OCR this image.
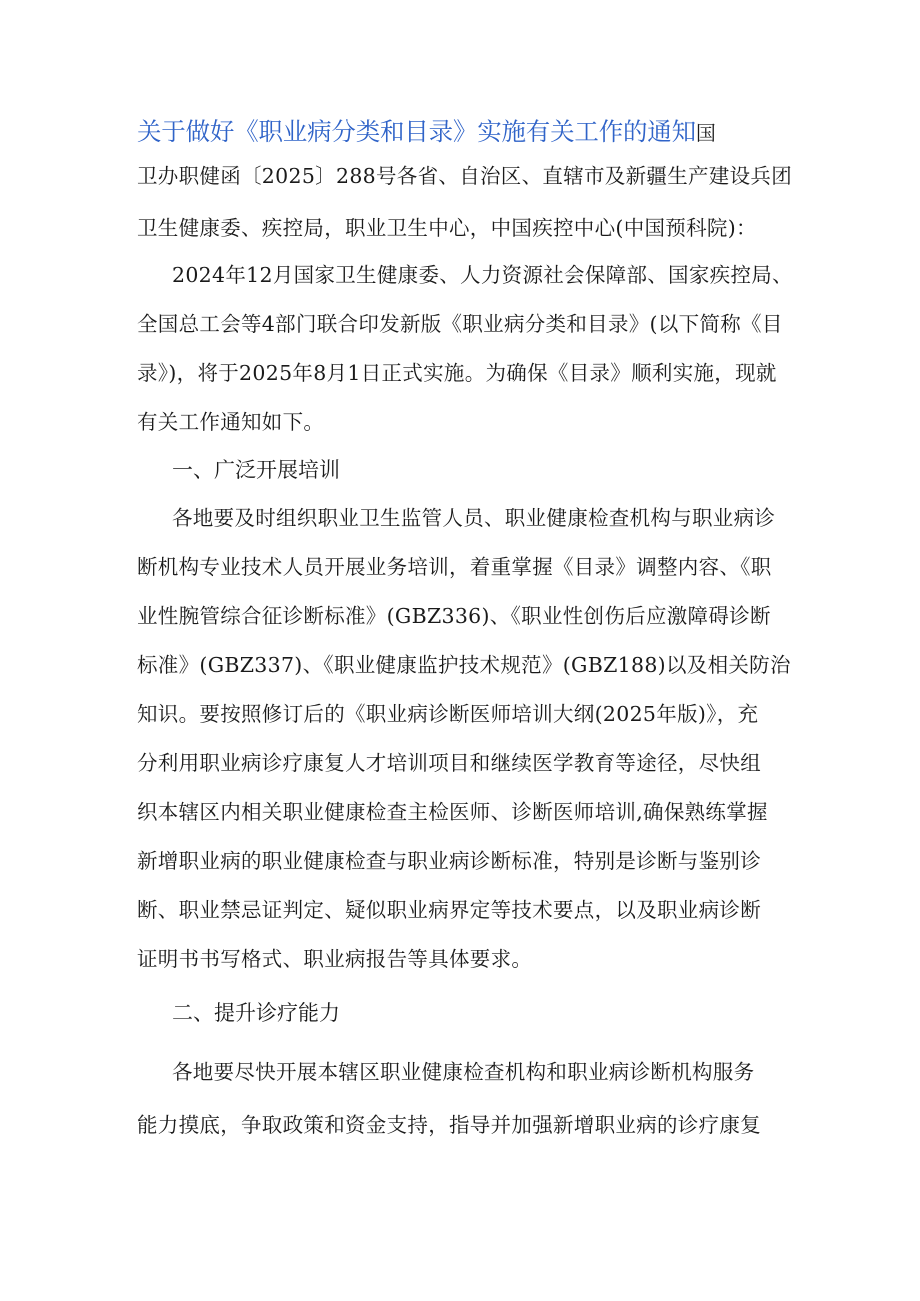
关于做好《职业病分类和目录》实施有关工作的通知国
卫办职健函〔2025〕288号各省、自治区、直辖市及新疆生产建设兵团
卫生健康委、疾控局，职业卫生中心，中国疾控中心(中国预科院)：
2024年12月国家卫生健康委、人力资源社会保障部、国家疾控局、
全国总工会等4部门联合印发新版《职业病分类和目录》(以下简称《目
录》)，将于2025年8月1日正式实施。为确保《目录》顺利实施，现就
有关工作通知如下。
一、广泛开展培训
各地要及时组织职业卫生监管人员、职业健康检查机构与职业病诊
断机构专业技术人员开展业务培训，着重掌握《目录》调整内容、《职
业性腕管综合征诊断标准》(GBZ336)、《职业性创伤后应激障碍诊断
标准》(GBZ337)、《职业健康监护技术规范》(GBZ188)以及相关防治
知识。要按照修订后的《职业病诊断医师培训大纲(2025年版)》，充
分利用职业病诊疗康复人才培训项目和继续医学教育等途径，尽快组
织本辖区内相关职业健康检查主检医师、诊断医师培训,确保熟练掌握
新增职业病的职业健康检查与职业病诊断标准，特别是诊断与鉴别诊
断、职业禁忌证判定、疑似职业病界定等技术要点，以及职业病诊断
证明书书写格式、职业病报告等具体要求。
二、提升诊疗能力
各地要尽快开展本辖区职业健康检查机构和职业病诊断机构服务
能力摸底，争取政策和资金支持，指导并加强新增职业病的诊疗康复
